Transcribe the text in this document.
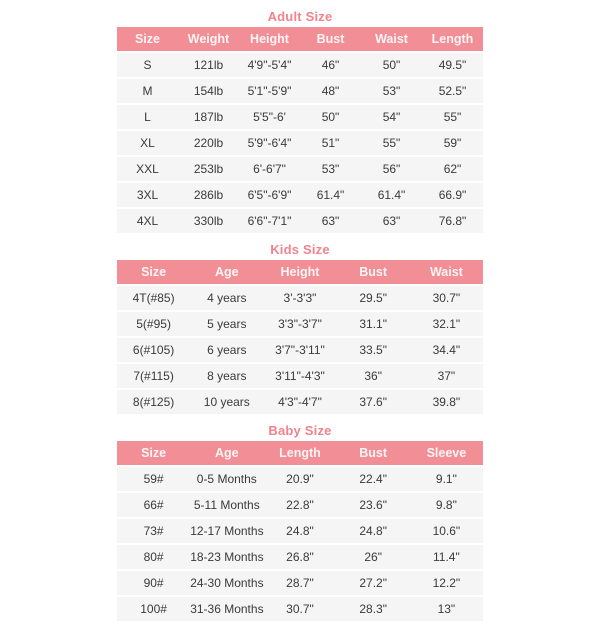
Adult Size
Size	Weight	Height	Bust	Waist	Length
S	121lb	4'9"-5'4"	46"	50"	49.5"
M	154lb	5'1"-5'9"	48"	53"	52.5"
L	187lb	5'5"-6'	50"	54"	55"
XL	220lb	5'9"-6'4"	51"	55"	59"
XXL	253lb	6'-6'7"	53"	56"	62"
3XL	286lb	6'5"-6'9"	61.4"	61.4"	66.9"
4XL	330lb	6'6"-7'1"	63"	63"	76.8"
Kids Size
Size	Age	Height	Bust	Waist
4T(#85)	4 years	3'-3'3"	29.5"	30.7"
5(#95)	5 years	3'3"-3'7"	31.1"	32.1"
6(#105)	6 years	3'7"-3'11"	33.5"	34.4"
7(#115)	8 years	3'11"-4'3"	36"	37"
8(#125)	10 years	4'3"-4'7"	37.6"	39.8"
Baby Size
Size	Age	Length	Bust	Sleeve
59#	0-5 Months	20.9"	22.4"	9.1"
66#	5-11 Months	22.8"	23.6"	9.8"
73#	12-17 Months	24.8"	24.8"	10.6"
80#	18-23 Months	26.8"	26"	11.4"
90#	24-30 Months	28.7"	27.2"	12.2"
100#	31-36 Months	30.7"	28.3"	13"
